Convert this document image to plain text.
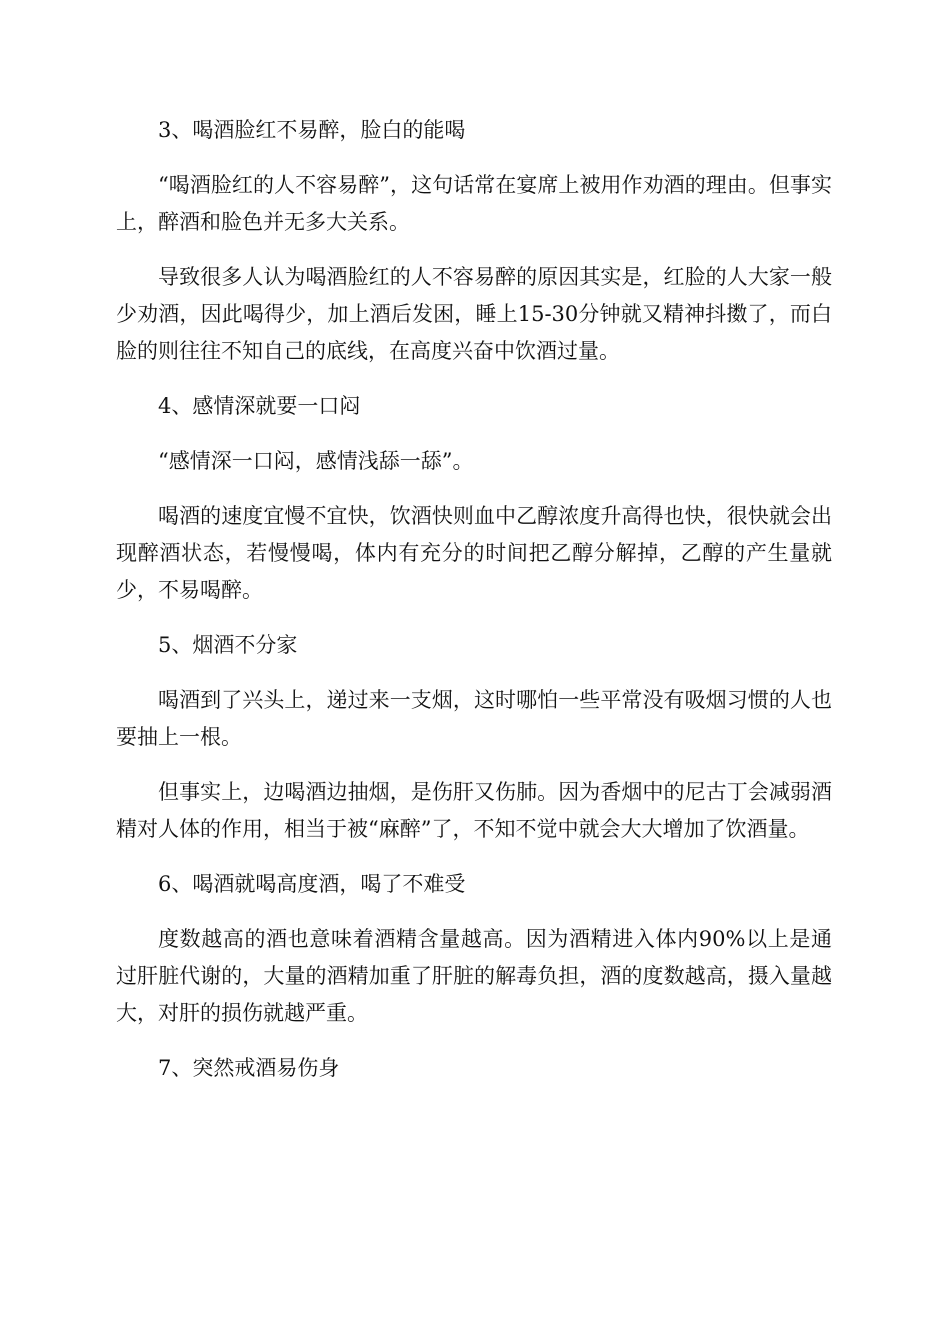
3、喝酒脸红不易醉，脸白的能喝

“喝酒脸红的人不容易醉”，这句话常在宴席上被用作劝酒的理由。但事实上，醉酒和脸色并无多大关系。

导致很多人认为喝酒脸红的人不容易醉的原因其实是，红脸的人大家一般少劝酒，因此喝得少，加上酒后发困，睡上15-30分钟就又精神抖擞了，而白脸的则往往不知自己的底线，在高度兴奋中饮酒过量。

4、感情深就要一口闷

“感情深一口闷，感情浅舔一舔”。

喝酒的速度宜慢不宜快，饮酒快则血中乙醇浓度升高得也快，很快就会出现醉酒状态，若慢慢喝，体内有充分的时间把乙醇分解掉，乙醇的产生量就少，不易喝醉。

5、烟酒不分家

喝酒到了兴头上，递过来一支烟，这时哪怕一些平常没有吸烟习惯的人也要抽上一根。

但事实上，边喝酒边抽烟，是伤肝又伤肺。因为香烟中的尼古丁会减弱酒精对人体的作用，相当于被“麻醉”了，不知不觉中就会大大增加了饮酒量。

6、喝酒就喝高度酒，喝了不难受

度数越高的酒也意味着酒精含量越高。因为酒精进入体内90%以上是通过肝脏代谢的，大量的酒精加重了肝脏的解毒负担，酒的度数越高，摄入量越大，对肝的损伤就越严重。

7、突然戒酒易伤身
